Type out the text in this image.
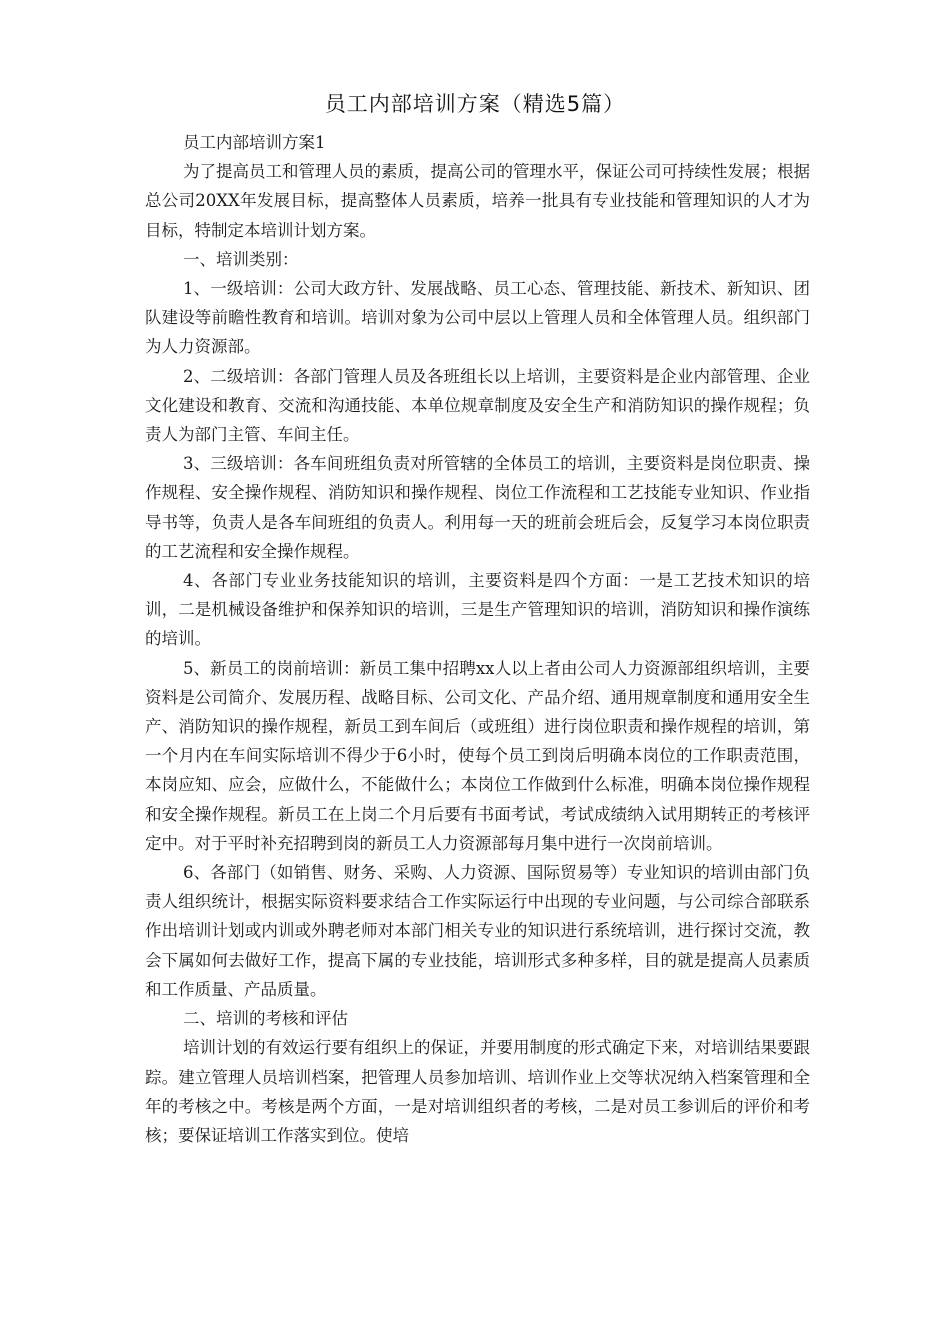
员工内部培训方案（精选5篇）

员工内部培训方案1

为了提高员工和管理人员的素质，提高公司的管理水平，保证公司可持续性发展；根据总公司20XX年发展目标，提高整体人员素质，培养一批具有专业技能和管理知识的人才为目标，特制定本培训计划方案。

一、培训类别：

1、一级培训：公司大政方针、发展战略、员工心态、管理技能、新技术、新知识、团队建设等前瞻性教育和培训。培训对象为公司中层以上管理人员和全体管理人员。组织部门为人力资源部。

2、二级培训：各部门管理人员及各班组长以上培训，主要资料是企业内部管理、企业文化建设和教育、交流和沟通技能、本单位规章制度及安全生产和消防知识的操作规程；负责人为部门主管、车间主任。

3、三级培训：各车间班组负责对所管辖的全体员工的培训，主要资料是岗位职责、操作规程、安全操作规程、消防知识和操作规程、岗位工作流程和工艺技能专业知识、作业指导书等，负责人是各车间班组的负责人。利用每一天的班前会班后会，反复学习本岗位职责的工艺流程和安全操作规程。

4、各部门专业业务技能知识的培训，主要资料是四个方面：一是工艺技术知识的培训，二是机械设备维护和保养知识的培训，三是生产管理知识的培训，消防知识和操作演练的培训。

5、新员工的岗前培训：新员工集中招聘xx人以上者由公司人力资源部组织培训，主要资料是公司简介、发展历程、战略目标、公司文化、产品介绍、通用规章制度和通用安全生产、消防知识的操作规程，新员工到车间后（或班组）进行岗位职责和操作规程的培训，第一个月内在车间实际培训不得少于6小时，使每个员工到岗后明确本岗位的工作职责范围，本岗应知、应会，应做什么，不能做什么；本岗位工作做到什么标准，明确本岗位操作规程和安全操作规程。新员工在上岗二个月后要有书面考试，考试成绩纳入试用期转正的考核评定中。对于平时补充招聘到岗的新员工人力资源部每月集中进行一次岗前培训。

6、各部门（如销售、财务、采购、人力资源、国际贸易等）专业知识的培训由部门负责人组织统计，根据实际资料要求结合工作实际运行中出现的专业问题，与公司综合部联系作出培训计划或内训或外聘老师对本部门相关专业的知识进行系统培训，进行探讨交流，教会下属如何去做好工作，提高下属的专业技能，培训形式多种多样，目的就是提高人员素质和工作质量、产品质量。

二、培训的考核和评估

培训计划的有效运行要有组织上的保证，并要用制度的形式确定下来，对培训结果要跟踪。建立管理人员培训档案，把管理人员参加培训、培训作业上交等状况纳入档案管理和全年的考核之中。考核是两个方面，一是对培训组织者的考核，二是对员工参训后的评价和考核；要保证培训工作落实到位。使培
